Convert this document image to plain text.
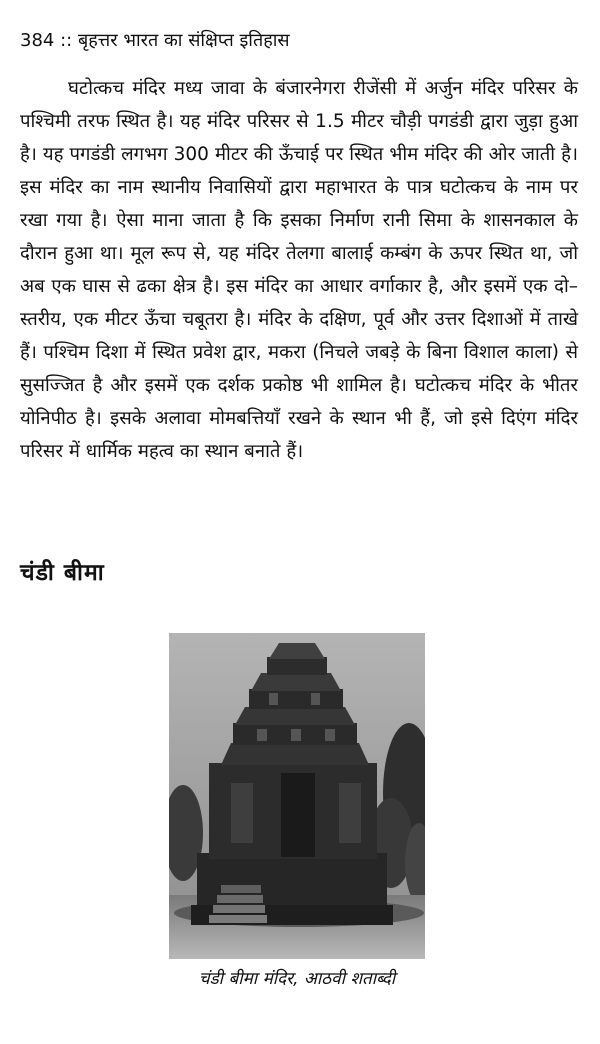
384 :: बृहत्तर भारत का संक्षिप्त इतिहास

घटोत्कच मंदिर मध्य जावा के बंजारनेगरा रीजेंसी में अर्जुन मंदिर परिसर के पश्चिमी तरफ स्थित है। यह मंदिर परिसर से 1.5 मीटर चौड़ी पगडंडी द्वारा जुड़ा हुआ है। यह पगडंडी लगभग 300 मीटर की ऊँचाई पर स्थित भीम मंदिर की ओर जाती है। इस मंदिर का नाम स्थानीय निवासियों द्वारा महाभारत के पात्र घटोत्कच के नाम पर रखा गया है। ऐसा माना जाता है कि इसका निर्माण रानी सिमा के शासनकाल के दौरान हुआ था। मूल रूप से, यह मंदिर तेलगा बालाई कम्बंग के ऊपर स्थित था, जो अब एक घास से ढका क्षेत्र है। इस मंदिर का आधार वर्गाकार है, और इसमें एक दो–स्तरीय, एक मीटर ऊँचा चबूतरा है। मंदिर के दक्षिण, पूर्व और उत्तर दिशाओं में ताखे हैं। पश्चिम दिशा में स्थित प्रवेश द्वार, मकरा (निचले जबड़े के बिना विशाल काला) से सुसज्जित है और इसमें एक दर्शक प्रकोष्ठ भी शामिल है। घटोत्कच मंदिर के भीतर योनिपीठ है। इसके अलावा मोमबत्तियाँ रखने के स्थान भी हैं, जो इसे दिएंग मंदिर परिसर में धार्मिक महत्व का स्थान बनाते हैं।

चंडी बीमा
चंडी बीमा मंदिर, आठवी शताब्दी
